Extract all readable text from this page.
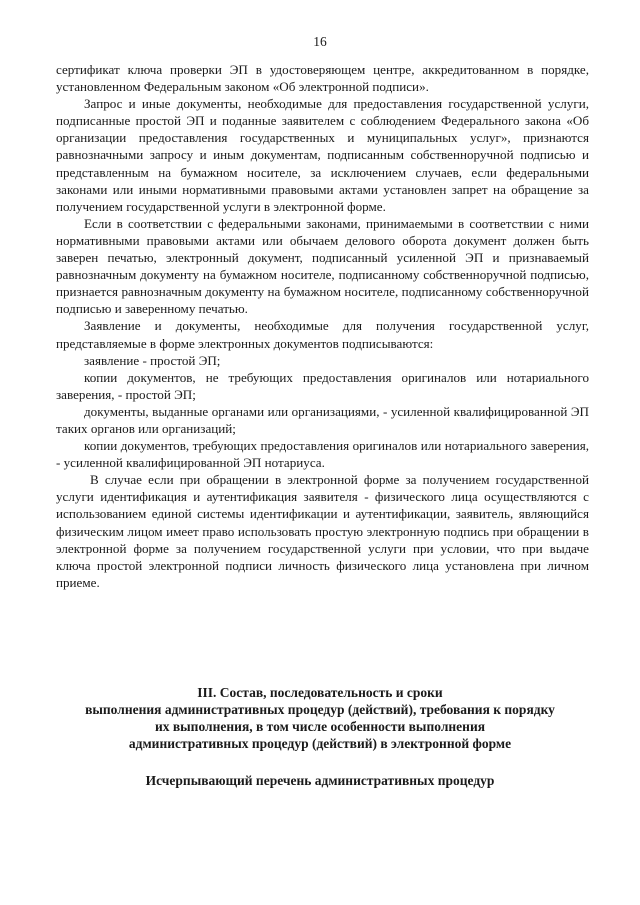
16

сертификат ключа проверки ЭП в удостоверяющем центре, аккредитованном в порядке, установленном Федеральным законом «Об электронной подписи».

Запрос и иные документы, необходимые для предоставления государственной услуги, подписанные простой ЭП и поданные заявителем с соблюдением Федерального закона «Об организации предоставления государственных и муниципальных услуг», признаются равнозначными запросу и иным документам, подписанным собственноручной подписью и представленным на бумажном носителе, за исключением случаев, если федеральными законами или иными нормативными правовыми актами установлен запрет на обращение за получением государственной услуги в электронной форме.

Если в соответствии с федеральными законами, принимаемыми в соответствии с ними нормативными правовыми актами или обычаем делового оборота документ должен быть заверен печатью, электронный документ, подписанный усиленной ЭП и признаваемый равнозначным документу на бумажном носителе, подписанному собственноручной подписью, признается равнозначным документу на бумажном носителе, подписанному собственноручной подписью и заверенному печатью.

Заявление и документы, необходимые для получения государственной услуг, представляемые в форме электронных документов подписываются:

заявление - простой ЭП;

копии документов, не требующих предоставления оригиналов или нотариального заверения, - простой ЭП;

документы, выданные органами или организациями, - усиленной квалифицированной ЭП таких органов или организаций;

копии документов, требующих предоставления оригиналов или нотариального заверения, - усиленной квалифицированной ЭП нотариуса.

В случае если при обращении в электронной форме за получением государственной услуги идентификация и аутентификация заявителя - физического лица осуществляются с использованием единой системы идентификации и аутентификации, заявитель, являющийся физическим лицом имеет право использовать простую электронную подпись при обращении в электронной форме за получением государственной услуги при условии, что при выдаче ключа простой электронной подписи личность физического лица установлена при личном приеме.

III. Состав, последовательность и сроки
выполнения административных процедур (действий), требования к порядку
их выполнения, в том числе особенности выполнения
административных процедур (действий) в электронной форме
Исчерпывающий перечень административных процедур
